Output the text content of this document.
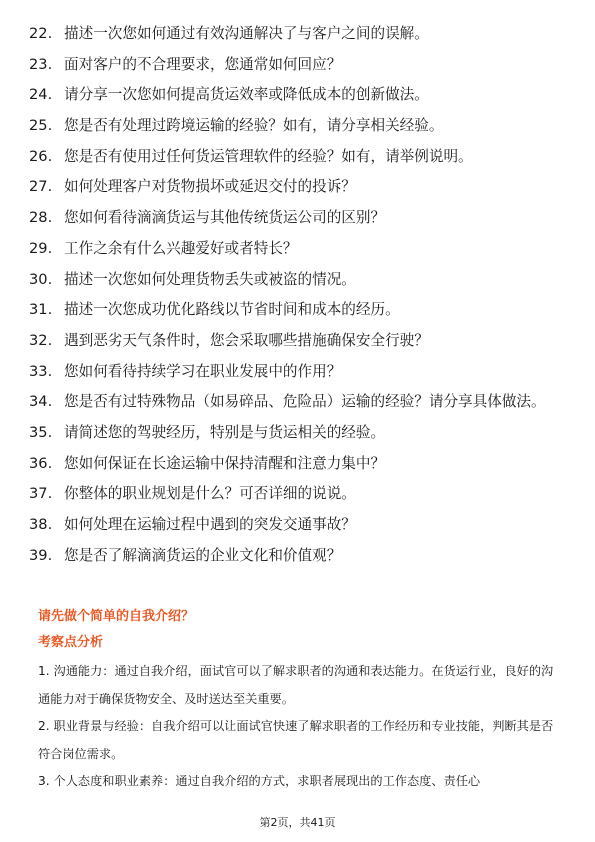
22. 描述一次您如何通过有效沟通解决了与客户之间的误解。
23. 面对客户的不合理要求，您通常如何回应？
24. 请分享一次您如何提高货运效率或降低成本的创新做法。
25. 您是否有处理过跨境运输的经验？如有，请分享相关经验。
26. 您是否有使用过任何货运管理软件的经验？如有，请举例说明。
27. 如何处理客户对货物损坏或延迟交付的投诉？
28. 您如何看待滴滴货运与其他传统货运公司的区别？
29. 工作之余有什么兴趣爱好或者特长？
30. 描述一次您如何处理货物丢失或被盗的情况。
31. 描述一次您成功优化路线以节省时间和成本的经历。
32. 遇到恶劣天气条件时，您会采取哪些措施确保安全行驶？
33. 您如何看待持续学习在职业发展中的作用？
34. 您是否有过特殊物品（如易碎品、危险品）运输的经验？请分享具体做法。
35. 请简述您的驾驶经历，特别是与货运相关的经验。
36. 您如何保证在长途运输中保持清醒和注意力集中？
37. 你整体的职业规划是什么？可否详细的说说。
38. 如何处理在运输过程中遇到的突发交通事故？
39. 您是否了解滴滴货运的企业文化和价值观？
请先做个简单的自我介绍？
考察点分析

1. 沟通能力：通过自我介绍，面试官可以了解求职者的沟通和表达能力。在货运行业，良好的沟通能力对于确保货物安全、及时送达至关重要。

2. 职业背景与经验：自我介绍可以让面试官快速了解求职者的工作经历和专业技能，判断其是否符合岗位需求。

3. 个人态度和职业素养：通过自我介绍的方式，求职者展现出的工作态度、责任心

第2页，共41页
